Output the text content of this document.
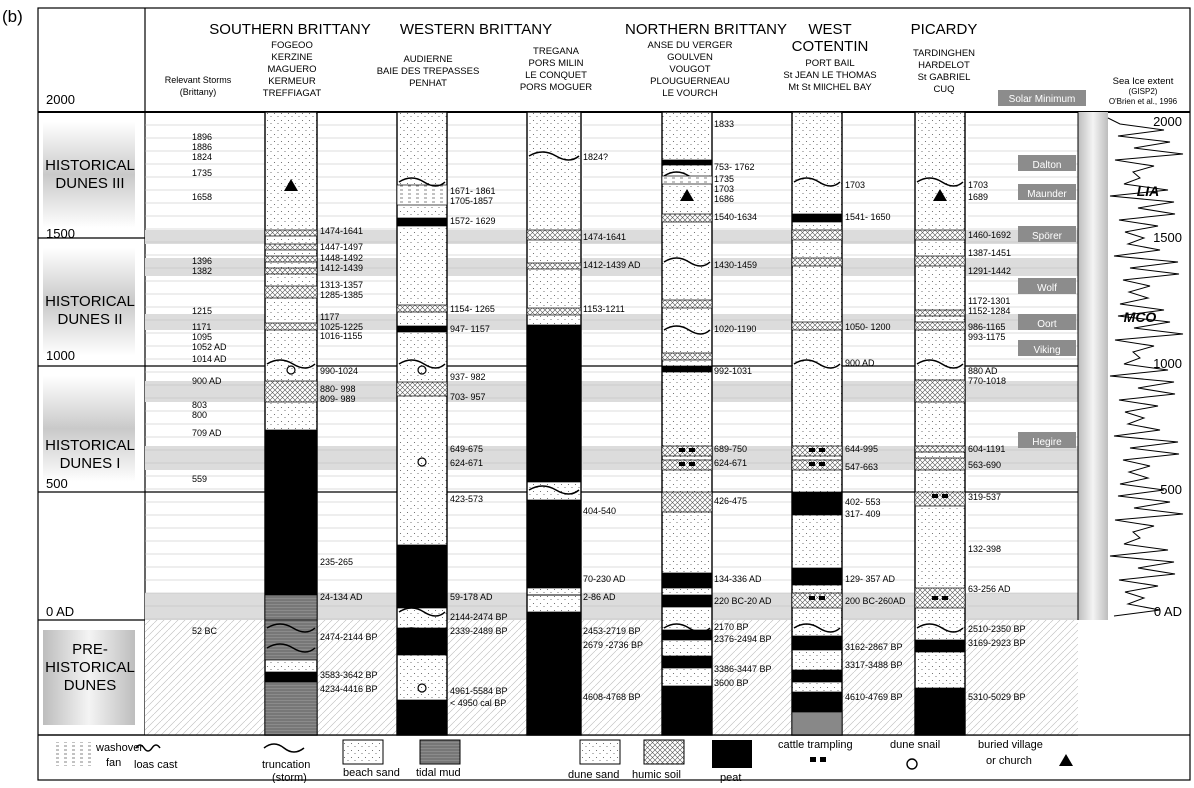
(b)
SOUTHERN BRITTANY
FOGEOO
KERZINE
MAGUERO
KERMEUR
TREFFIAGAT
WESTERN BRITTANY
AUDIERNE
BAIE DES TREPASSES
PENHAT
TREGANA
PORS MILIN
LE CONQUET
PORS MOGUER
NORTHERN BRITTANY
ANSE DU VERGER
GOULVEN
VOUGOT
PLOUGUERNEAU
LE VOURCH
WEST COTENTIN
PORT BAIL
St JEAN LE THOMAS
Mt St MIlCHEL BAY
PICARDY
TARDINGHEN
HARDELOT
St GABRIEL
CUQ
Relevant Storms
(Brittany)
2000	Solar Minimum
Sea Ice extent
(GISP2)
O'Brien et al., 1996
HISTORICAL
DUNES III
HISTORICAL
DUNES II
HISTORICAL
DUNES I
PRE-
HISTORICAL
DUNES
1500
1000
500
0 AD
2000
1500
1000
500
0 AD
1896
1886
1824
1735
1658
1396
1382
1215
1171
1095
1052 AD
1014 AD
900 AD
803
800
709 AD
559
52 BC
Dalton
Maunder
Spörer
Wolf
Oort
Viking
Hegire
LIA
MCO
1474-1641
1447-1497
1448-1492
1412-1439
1313-1357
1285-1385
1177
1025-1225
1016-1155
990-1024
880- 998
809- 989
235-265
24-134 AD
2474-2144 BP
3583-3642 BP
4234-4416 BP
1671- 1861
1705-1857
1572- 1629
1154- 1265
947- 1157
937- 982
703- 957
649-675
624-671
423-573
59-178 AD
2144-2474 BP
2339-2489 BP
4961-5584 BP
< 4950 cal BP
1824?
1474-1641
1412-1439 AD
1153-1211
404-540
70-230 AD
2-86 AD
2453-2719 BP
2679 -2736 BP
4608-4768 BP
1833
753- 1762
1735
1703
1686
1540-1634
1430-1459
1020-1190
992-1031
689-750
624-671
426-475
134-336 AD
220 BC-20 AD
2170 BP
2376-2494 BP
3386-3447 BP
3600 BP
1703
1541- 1650
1050- 1200
900 AD
644-995
547-663
402- 553
317- 409
129- 357 AD
200 BC-260AD
3162-2867 BP
3317-3488 BP
4610-4769 BP
1703
1689
1460-1692
1387-1451
1291-1442
1172-1301
1152-1284
986-1165
993-1175
880 AD
770-1018
604-1191
563-690
319-537
132-398
63-256 AD
2510-2350 BP
3169-2923 BP
5310-5029 BP
washover
fan loas cast	truncation
(storm)	beach sand tidal mud	dune sand humic soil	peat
cattle trampling	dune snail	buried village
or church
